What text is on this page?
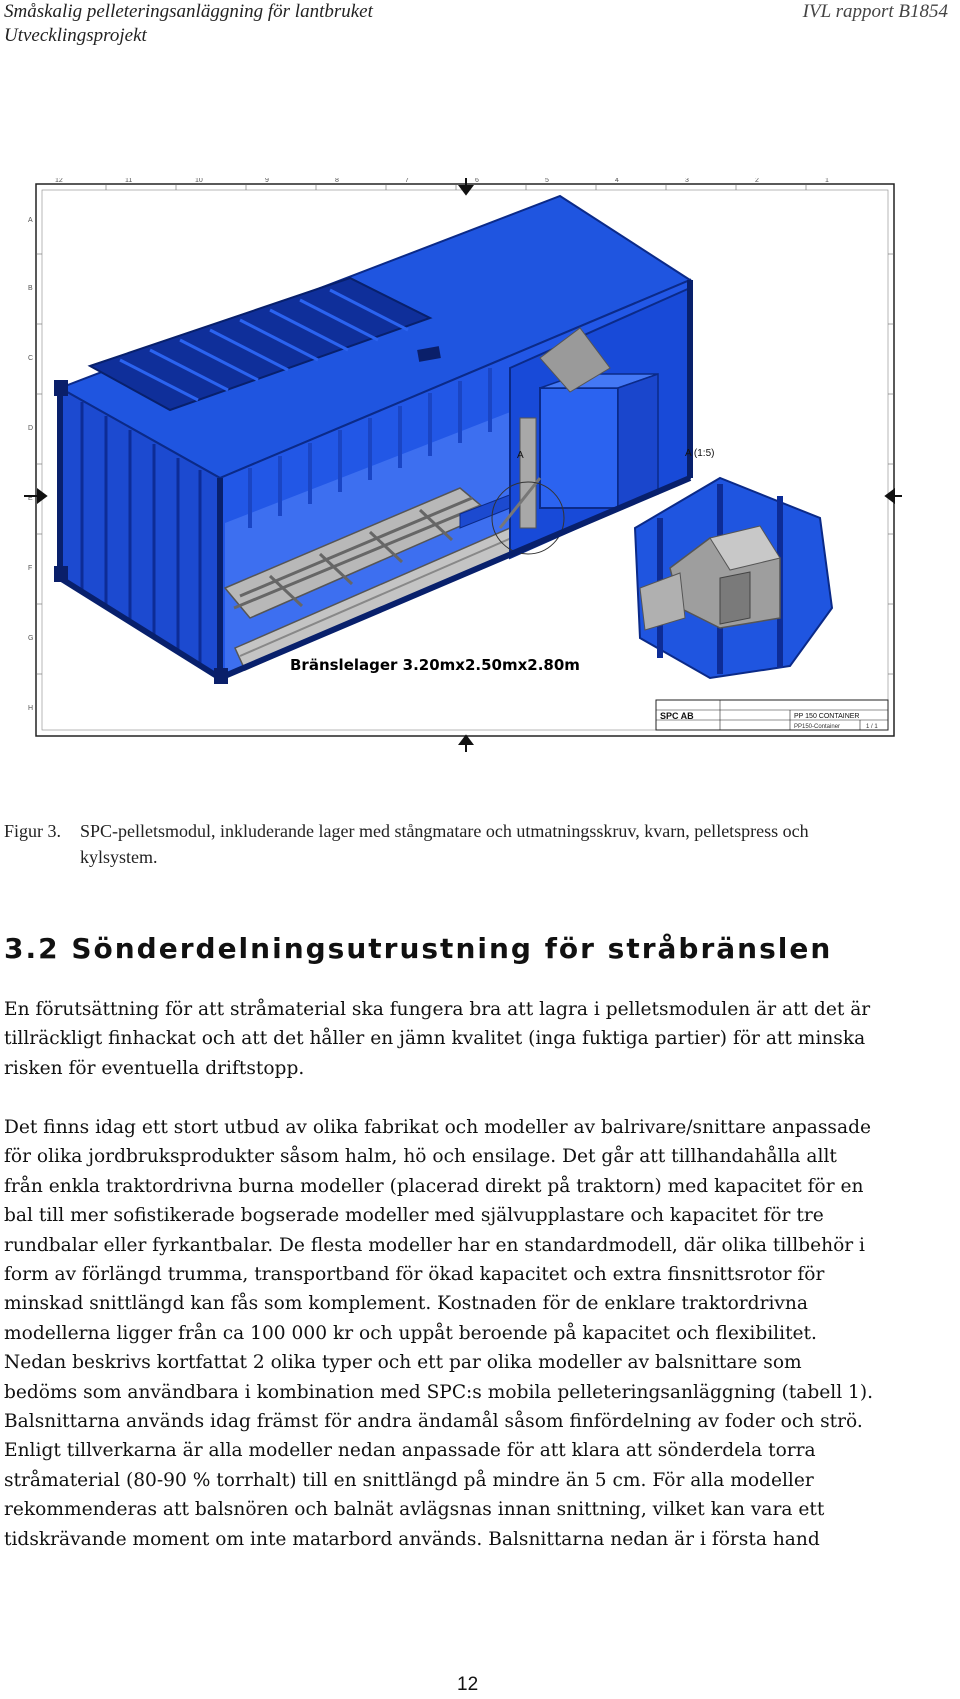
Småskalig pelleteringsanläggning för lantbruket
Utvecklingsprojekt
IVL rapport B1854
12	11	10	9	8	7	6	5	4	3	2	1
A
B
C
D
E
F
G
H
A
Bränslelager 3.20mx2.50mx2.80m
A (1:5)
SPC AB	PP 150 CONTAINER
PP150-Container	1 / 1
Figur 3. SPC-pelletsmodul, inkluderande lager med stångmatare och utmatningsskruv, kvarn, pelletspress och
kylsystem.
3.2 Sönderdelningsutrustning för stråbränslen

En förutsättning för att stråmaterial ska fungera bra att lagra i pelletsmodulen är att det är
tillräckligt finhackat och att det håller en jämn kvalitet (inga fuktiga partier) för att minska
risken för eventuella driftstopp.

Det finns idag ett stort utbud av olika fabrikat och modeller av balrivare/snittare anpassade
för olika jordbruksprodukter såsom halm, hö och ensilage. Det går att tillhandahålla allt
från enkla traktordrivna burna modeller (placerad direkt på traktorn) med kapacitet för en
bal till mer sofistikerade bogserade modeller med självupplastare och kapacitet för tre
rundbalar eller fyrkantbalar. De flesta modeller har en standardmodell, där olika tillbehör i
form av förlängd trumma, transportband för ökad kapacitet och extra finsnittsrotor för
minskad snittlängd kan fås som komplement. Kostnaden för de enklare traktordrivna
modellerna ligger från ca 100 000 kr och uppåt beroende på kapacitet och flexibilitet.
Nedan beskrivs kortfattat 2 olika typer och ett par olika modeller av balsnittare som
bedöms som användbara i kombination med SPC:s mobila pelleteringsanläggning (tabell 1).
Balsnittarna används idag främst för andra ändamål såsom finfördelning av foder och strö.
Enligt tillverkarna är alla modeller nedan anpassade för att klara att sönderdela torra
stråmaterial (80-90 % torrhalt) till en snittlängd på mindre än 5 cm. För alla modeller
rekommenderas att balsnören och balnät avlägsnas innan snittning, vilket kan vara ett
tidskrävande moment om inte matarbord används. Balsnittarna nedan är i första hand

12
